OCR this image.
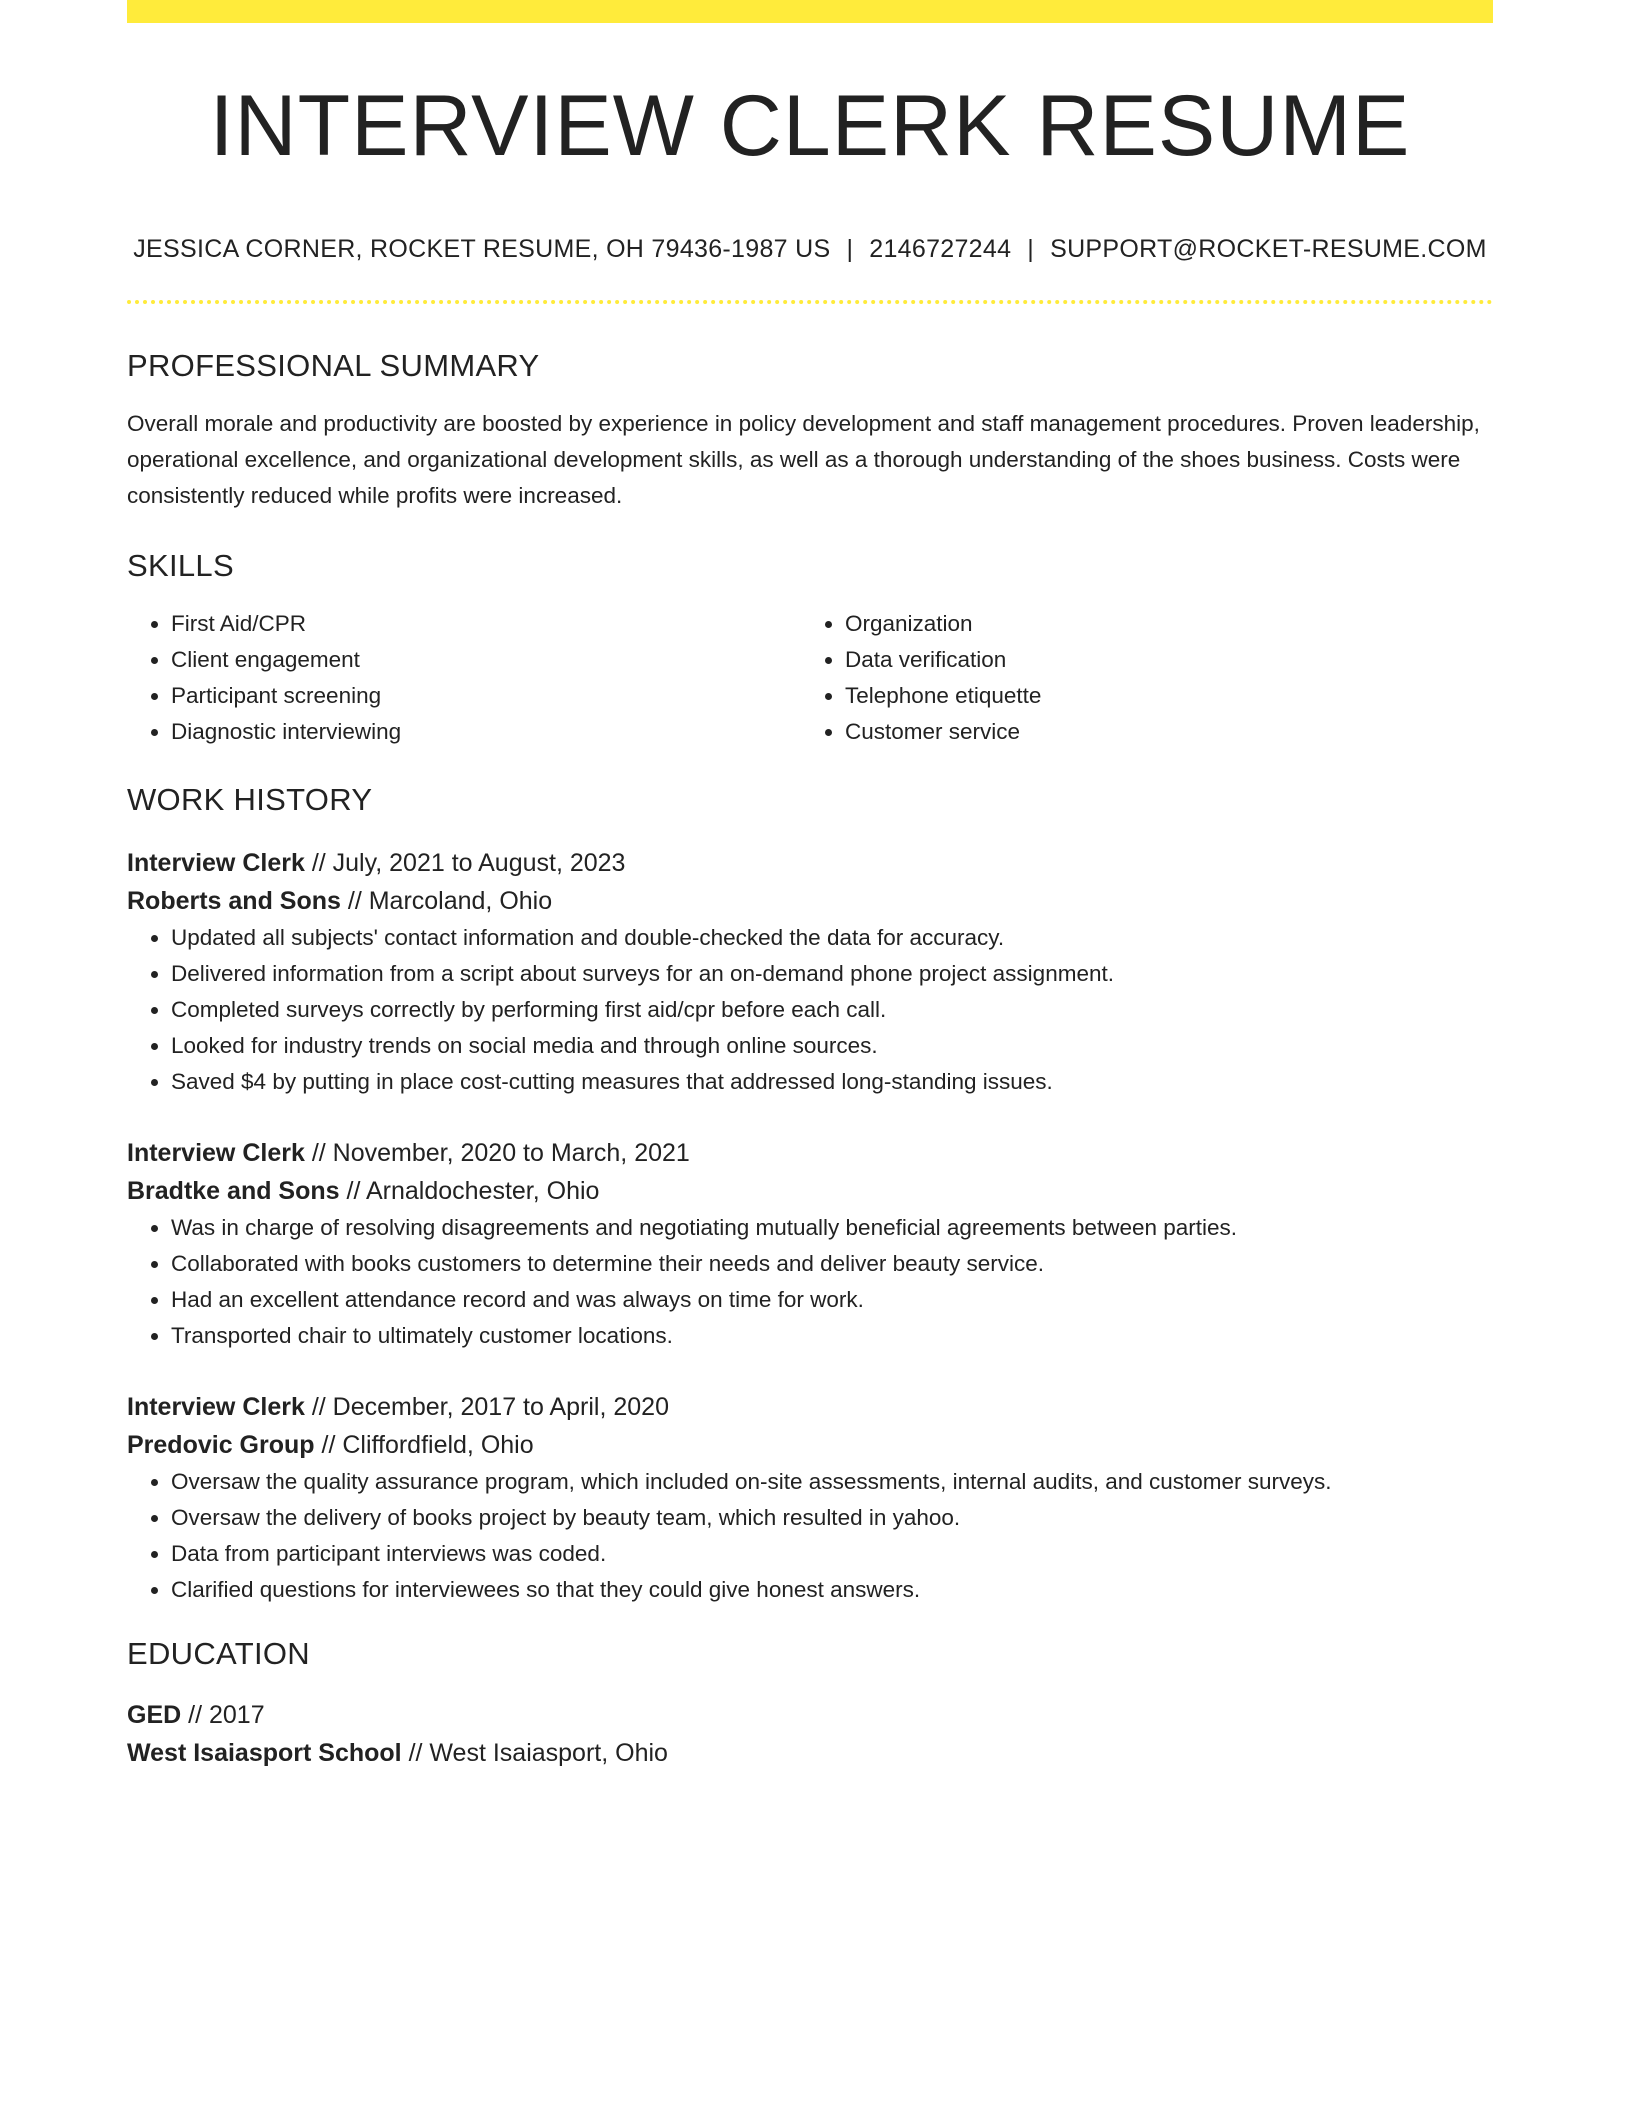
INTERVIEW CLERK RESUME
JESSICA CORNER, ROCKET RESUME, OH 79436-1987 US | 2146727244 | SUPPORT@ROCKET-RESUME.COM
PROFESSIONAL SUMMARY
Overall morale and productivity are boosted by experience in policy development and staff management procedures. Proven leadership, operational excellence, and organizational development skills, as well as a thorough understanding of the shoes business. Costs were consistently reduced while profits were increased.
SKILLS
• First Aid/CPR
• Client engagement
• Participant screening
• Diagnostic interviewing
• Organization
• Data verification
• Telephone etiquette
• Customer service
WORK HISTORY
Interview Clerk // July, 2021 to August, 2023
Roberts and Sons // Marcoland, Ohio
• Updated all subjects' contact information and double-checked the data for accuracy.
• Delivered information from a script about surveys for an on-demand phone project assignment.
• Completed surveys correctly by performing first aid/cpr before each call.
• Looked for industry trends on social media and through online sources.
• Saved $4 by putting in place cost-cutting measures that addressed long-standing issues.
Interview Clerk // November, 2020 to March, 2021
Bradtke and Sons // Arnaldochester, Ohio
• Was in charge of resolving disagreements and negotiating mutually beneficial agreements between parties.
• Collaborated with books customers to determine their needs and deliver beauty service.
• Had an excellent attendance record and was always on time for work.
• Transported chair to ultimately customer locations.
Interview Clerk // December, 2017 to April, 2020
Predovic Group // Cliffordfield, Ohio
• Oversaw the quality assurance program, which included on-site assessments, internal audits, and customer surveys.
• Oversaw the delivery of books project by beauty team, which resulted in yahoo.
• Data from participant interviews was coded.
• Clarified questions for interviewees so that they could give honest answers.
EDUCATION
GED // 2017
West Isaiasport School // West Isaiasport, Ohio
